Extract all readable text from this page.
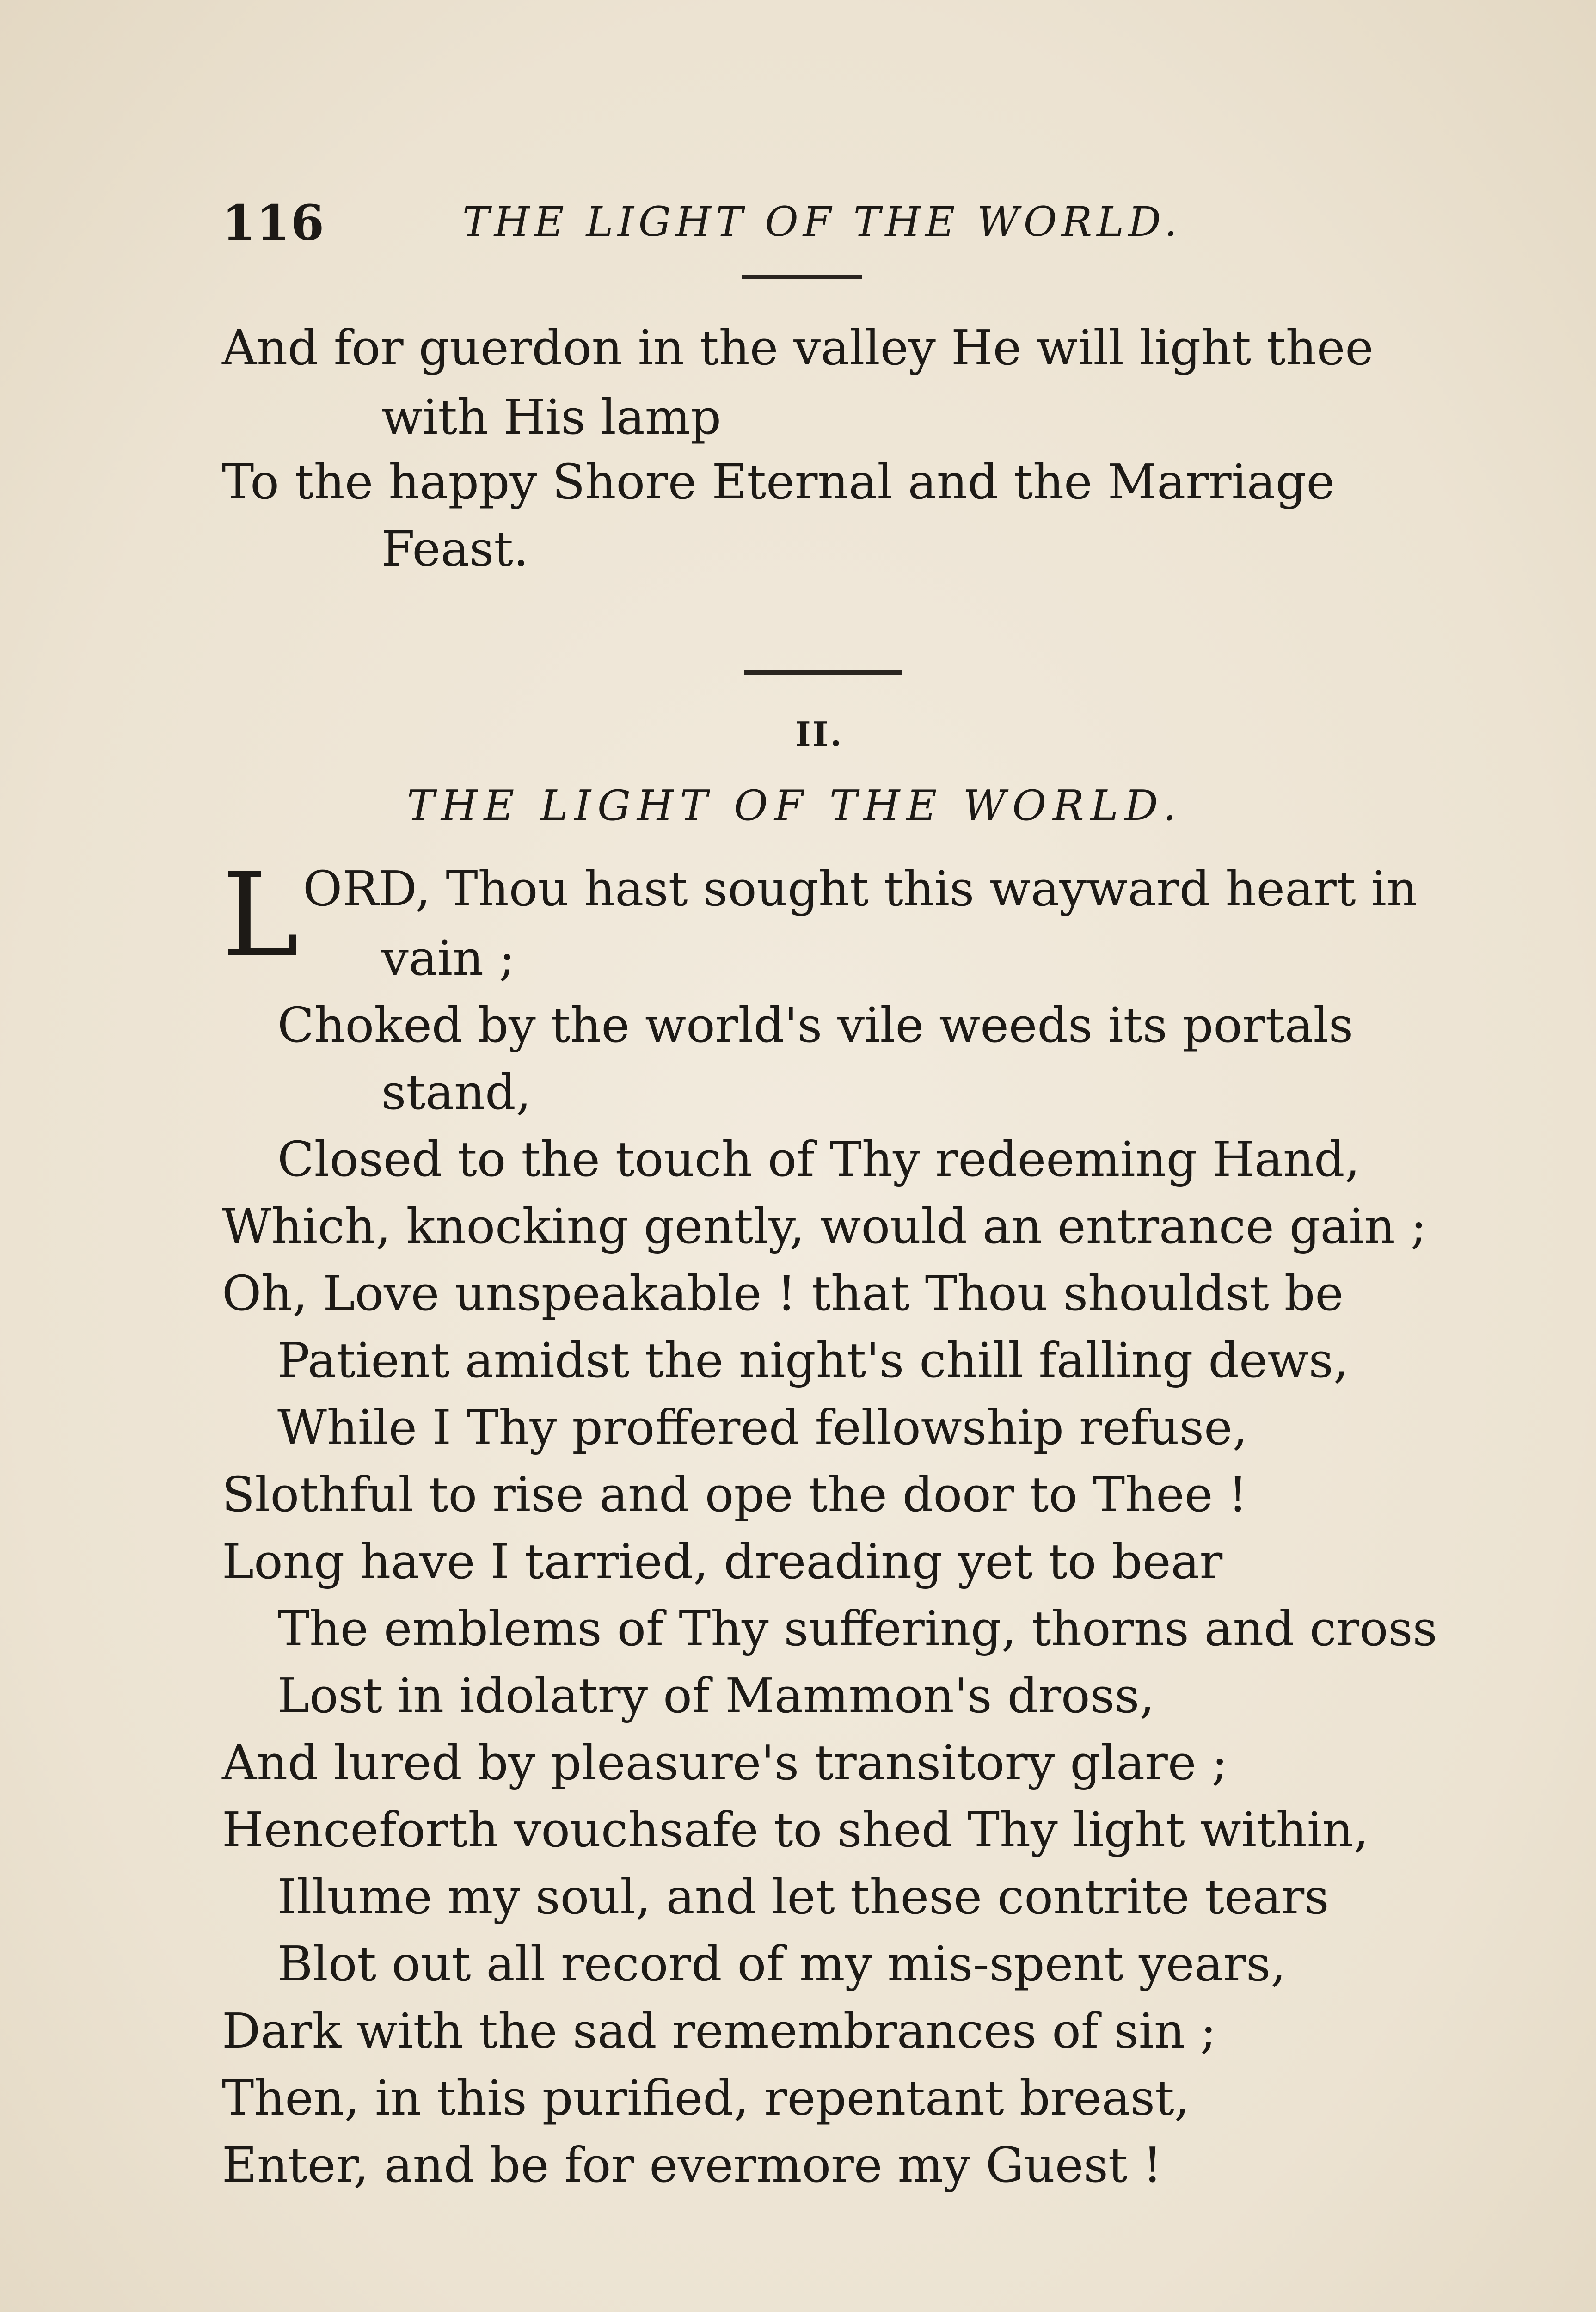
116	THE LIGHT OF THE WORLD.
And for guerdon in the valley He will light thee
with His lamp
To the happy Shore Eternal and the Marriage
Feast.
II.
THE LIGHT OF THE WORLD.
L ORD, Thou hast sought this wayward heart in
vain ;
Choked by the world's vile weeds its portals
stand,
Closed to the touch of Thy redeeming Hand,
Which, knocking gently, would an entrance gain ;
Oh, Love unspeakable ! that Thou shouldst be
Patient amidst the night's chill falling dews,
While I Thy proffered fellowship refuse,
Slothful to rise and ope the door to Thee !
Long have I tarried, dreading yet to bear
The emblems of Thy suffering, thorns and cross
Lost in idolatry of Mammon's dross,
And lured by pleasure's transitory glare ;
Henceforth vouchsafe to shed Thy light within,
Illume my soul, and let these contrite tears
Blot out all record of my mis-spent years,
Dark with the sad remembrances of sin ;
Then, in this purified, repentant breast,
Enter, and be for evermore my Guest !
